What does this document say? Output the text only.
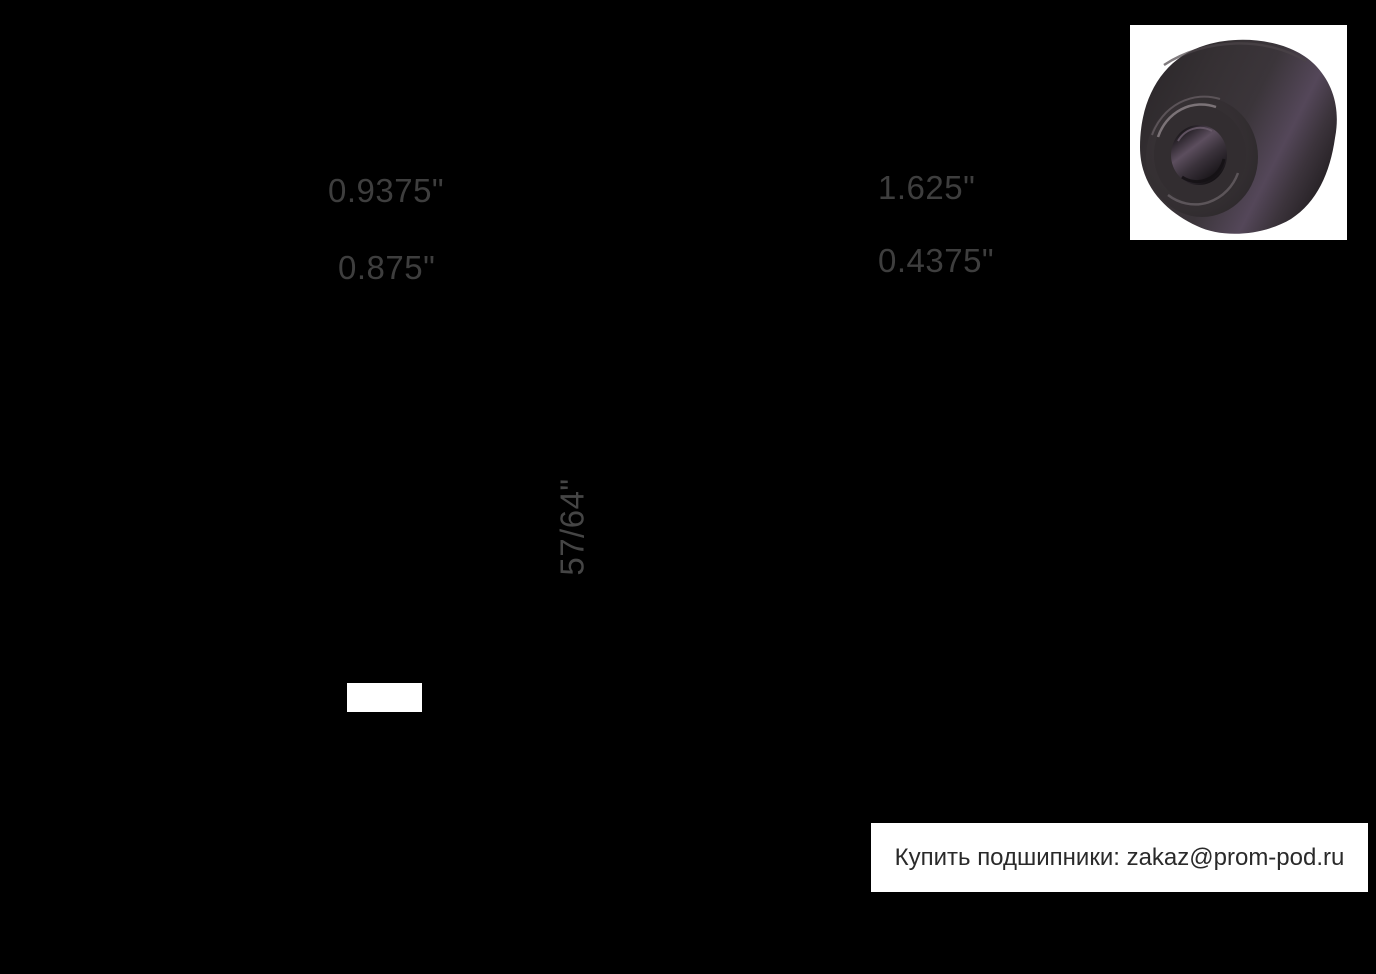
0.9375"
0.875"
1.625"
0.4375"
57/64"
Купить подшипники: zakaz@prom-pod.ru
